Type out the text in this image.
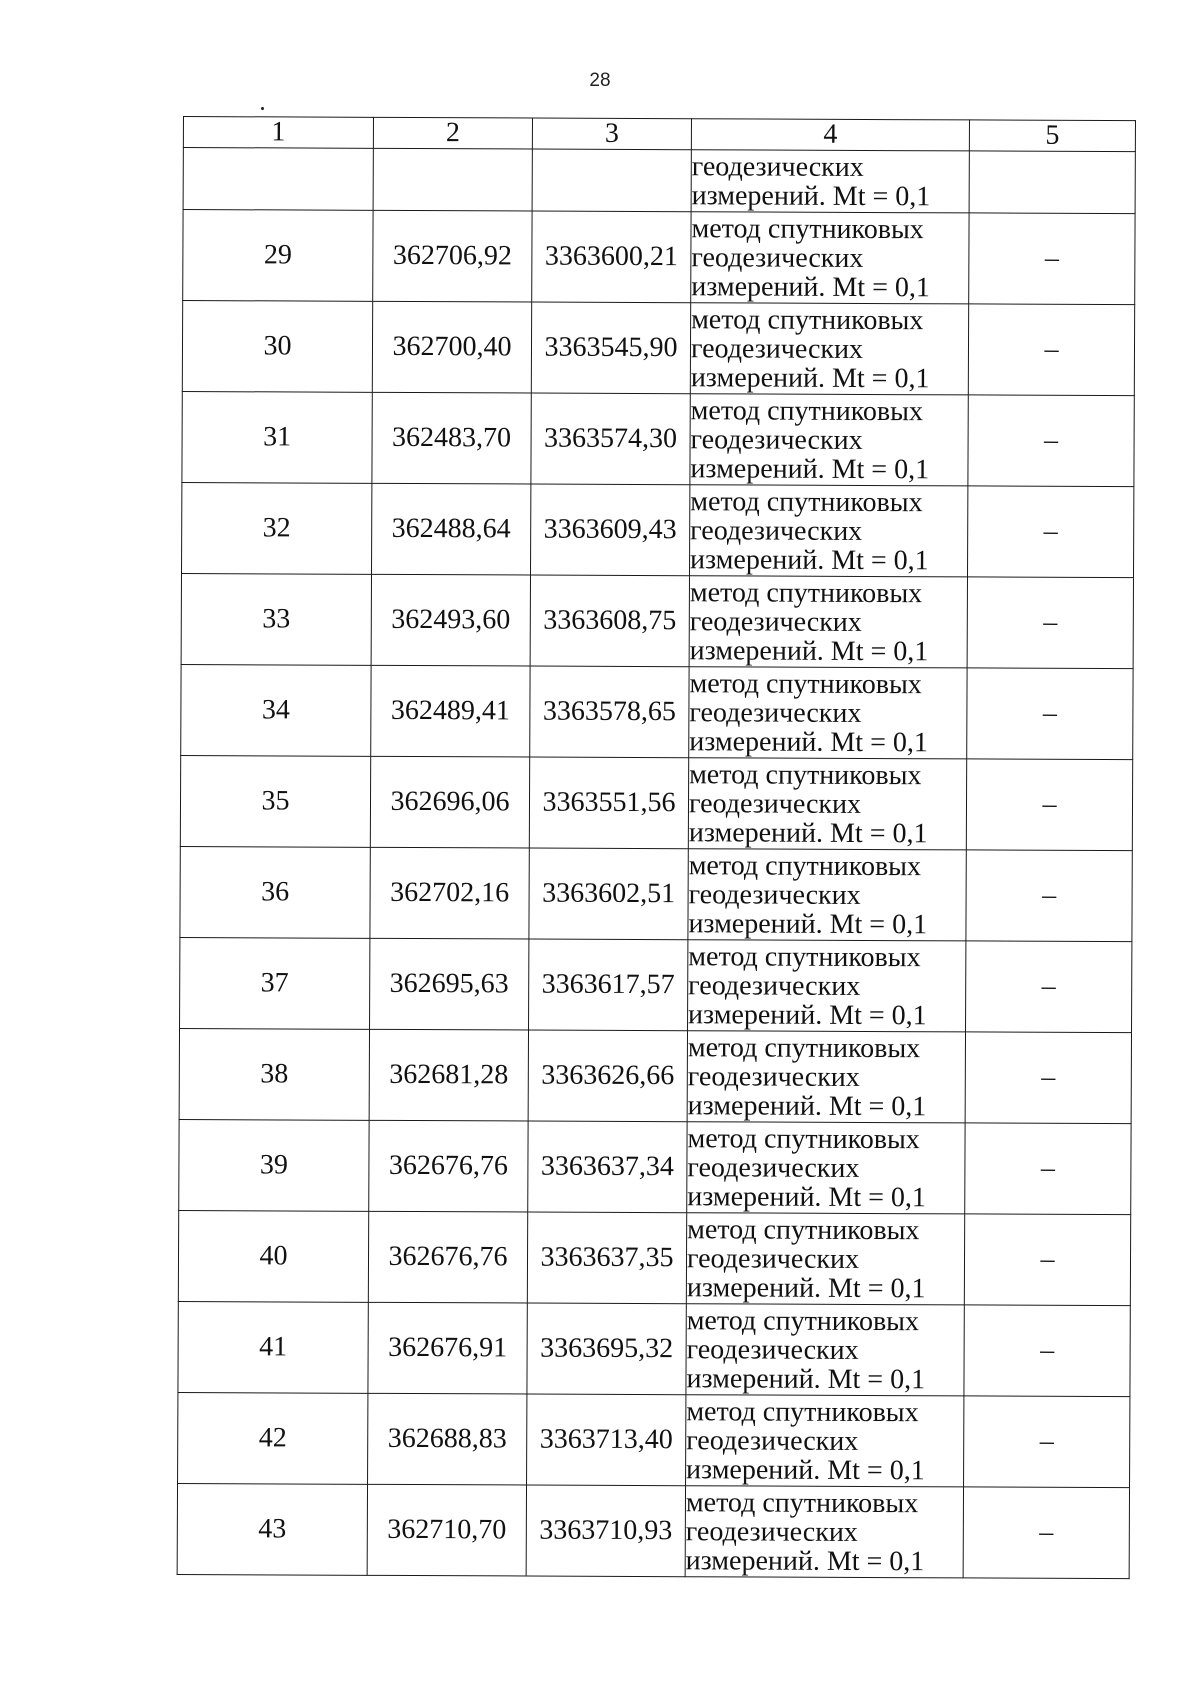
28
1	2	3	4	5

			геодезических
измерений. Mt = 0,1	

29	362706,92	3363600,21	метод спутниковых
геодезических
измерений. Mt = 0,1	–
30	362700,40	3363545,90	метод спутниковых
геодезических
измерений. Mt = 0,1	–
31	362483,70	3363574,30	метод спутниковых
геодезических
измерений. Mt = 0,1	–
32	362488,64	3363609,43	метод спутниковых
геодезических
измерений. Mt = 0,1	–
33	362493,60	3363608,75	метод спутниковых
геодезических
измерений. Mt = 0,1	–
34	362489,41	3363578,65	метод спутниковых
геодезических
измерений. Mt = 0,1	–
35	362696,06	3363551,56	метод спутниковых
геодезических
измерений. Mt = 0,1	–
36	362702,16	3363602,51	метод спутниковых
геодезических
измерений. Mt = 0,1	–
37	362695,63	3363617,57	метод спутниковых
геодезических
измерений. Mt = 0,1	–
38	362681,28	3363626,66	метод спутниковых
геодезических
измерений. Mt = 0,1	–
39	362676,76	3363637,34	метод спутниковых
геодезических
измерений. Mt = 0,1	–
40	362676,76	3363637,35	метод спутниковых
геодезических
измерений. Mt = 0,1	–
41	362676,91	3363695,32	метод спутниковых
геодезических
измерений. Mt = 0,1	–
42	362688,83	3363713,40	метод спутниковых
геодезических
измерений. Mt = 0,1	–
43	362710,70	3363710,93	метод спутниковых
геодезических
измерений. Mt = 0,1	–
